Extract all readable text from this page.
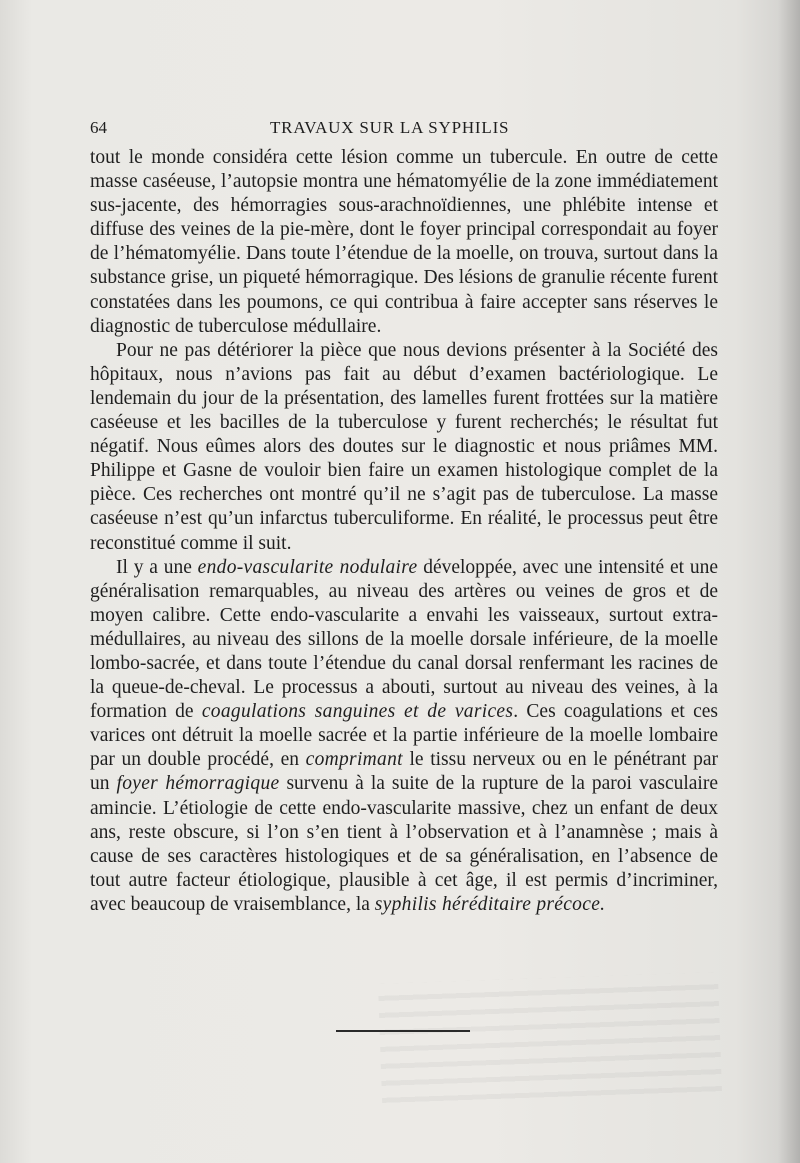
64	TRAVAUX SUR LA SYPHILIS

tout le monde considéra cette lésion comme un tubercule. En outre de cette masse caséeuse, l’autopsie montra une hématomyélie de la zone immédiatement sus-jacente, des hémorragies sous-arachnoïdiennes, une phlébite intense et diffuse des veines de la pie-mère, dont le foyer principal correspondait au foyer de l’hématomyélie. Dans toute l’étendue de la moelle, on trouva, surtout dans la substance grise, un piqueté hémorragique. Des lésions de granulie récente furent constatées dans les poumons, ce qui contribua à faire accepter sans réserves le diagnostic de tuberculose médullaire.

Pour ne pas détériorer la pièce que nous devions présenter à la Société des hôpitaux, nous n’avions pas fait au début d’examen bactériologique. Le lendemain du jour de la présentation, des lamelles furent frottées sur la matière caséeuse et les bacilles de la tuberculose y furent recherchés; le résultat fut négatif. Nous eûmes alors des doutes sur le diagnostic et nous priâmes MM. Philippe et Gasne de vouloir bien faire un examen histologique complet de la pièce. Ces recherches ont montré qu’il ne s’agit pas de tuberculose. La masse caséeuse n’est qu’un infarctus tuberculiforme. En réalité, le processus peut être reconstitué comme il suit.

Il y a une endo-vascularite nodulaire développée, avec une intensité et une généralisation remarquables, au niveau des artères ou veines de gros et de moyen calibre. Cette endo-vascularite a envahi les vaisseaux, surtout extra-médullaires, au niveau des sillons de la moelle dorsale inférieure, de la moelle lombo-sacrée, et dans toute l’étendue du canal dorsal renfermant les racines de la queue-de-cheval. Le processus a abouti, surtout au niveau des veines, à la formation de coagulations sanguines et de varices. Ces coagulations et ces varices ont détruit la moelle sacrée et la partie inférieure de la moelle lombaire par un double procédé, en comprimant le tissu nerveux ou en le pénétrant par un foyer hémorragique survenu à la suite de la rupture de la paroi vasculaire amincie. L’étiologie de cette endo-vascularite massive, chez un enfant de deux ans, reste obscure, si l’on s’en tient à l’observation et à l’anamnèse ; mais à cause de ses caractères histologiques et de sa généralisation, en l’absence de tout autre facteur étiologique, plausible à cet âge, il est permis d’incriminer, avec beaucoup de vraisemblance, la syphilis héréditaire précoce.
